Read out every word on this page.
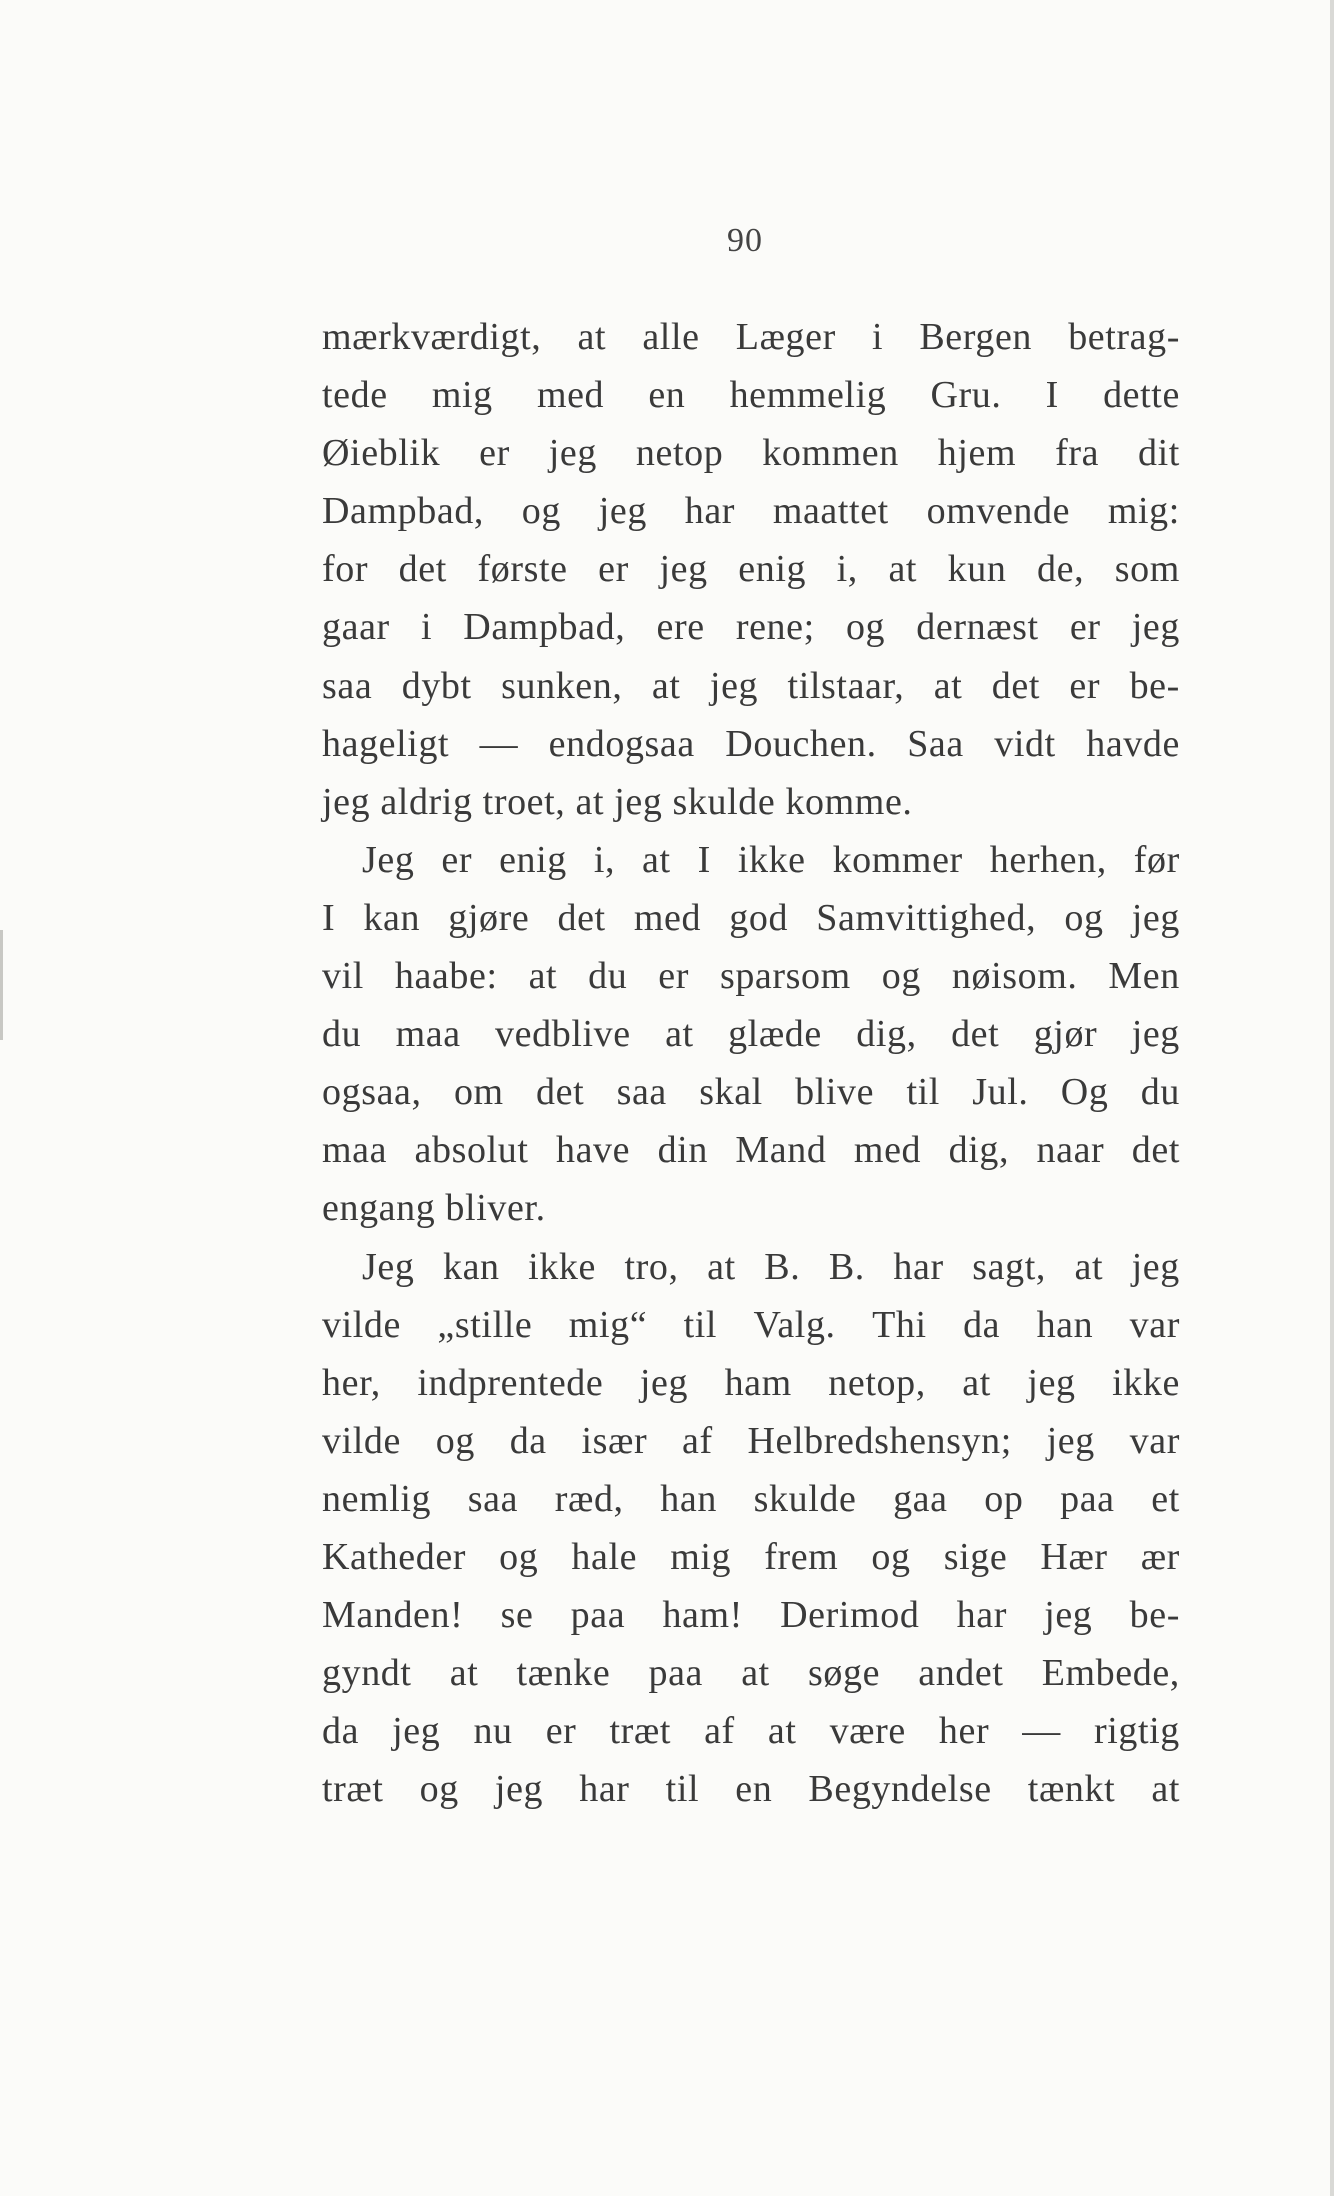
90
mærkværdigt, at alle Læger i Bergen betrag-
tede mig med en hemmelig Gru. I dette
Øieblik er jeg netop kommen hjem fra dit
Dampbad, og jeg har maattet omvende mig:
for det første er jeg enig i, at kun de, som
gaar i Dampbad, ere rene; og dernæst er jeg
saa dybt sunken, at jeg tilstaar, at det er be-
hageligt — endogsaa Douchen. Saa vidt havde
jeg aldrig troet, at jeg skulde komme.
Jeg er enig i, at I ikke kommer herhen, før
I kan gjøre det med god Samvittighed, og jeg
vil haabe: at du er sparsom og nøisom. Men
du maa vedblive at glæde dig, det gjør jeg
ogsaa, om det saa skal blive til Jul. Og du
maa absolut have din Mand med dig, naar det
engang bliver.
Jeg kan ikke tro, at B. B. har sagt, at jeg
vilde „stille mig“ til Valg. Thi da han var
her, indprentede jeg ham netop, at jeg ikke
vilde og da især af Helbredshensyn; jeg var
nemlig saa ræd, han skulde gaa op paa et
Katheder og hale mig frem og sige Hær ær
Manden! se paa ham! Derimod har jeg be-
gyndt at tænke paa at søge andet Embede,
da jeg nu er træt af at være her — rigtig
træt og jeg har til en Begyndelse tænkt at
